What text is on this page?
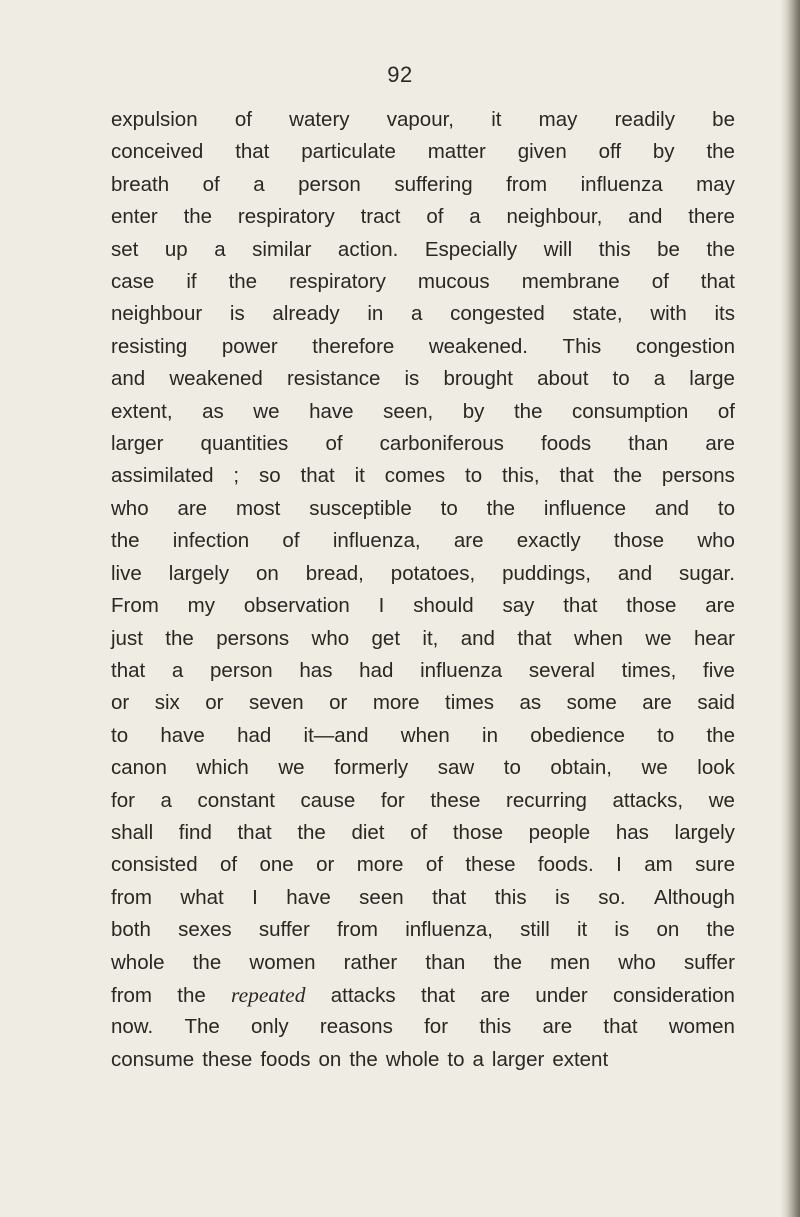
92
expulsion of watery vapour, it may readily be
conceived that particulate matter given off by the
breath of a person suffering from influenza may
enter the respiratory tract of a neighbour, and there
set up a similar action. Especially will this be the
case if the respiratory mucous membrane of that
neighbour is already in a congested state, with its
resisting power therefore weakened. This congestion
and weakened resistance is brought about to a large
extent, as we have seen, by the consumption of
larger quantities of carboniferous foods than are
assimilated ; so that it comes to this, that the persons
who are most susceptible to the influence and to
the infection of influenza, are exactly those who
live largely on bread, potatoes, puddings, and sugar.
From my observation I should say that those are
just the persons who get it, and that when we hear
that a person has had influenza several times, five
or six or seven or more times as some are said
to have had it—and when in obedience to the
canon which we formerly saw to obtain, we look
for a constant cause for these recurring attacks, we
shall find that the diet of those people has largely
consisted of one or more of these foods. I am sure
from what I have seen that this is so. Although
both sexes suffer from influenza, still it is on the
whole the women rather than the men who suffer
from the repeated attacks that are under consideration
now. The only reasons for this are that women
consume these foods on the whole to a larger extent
